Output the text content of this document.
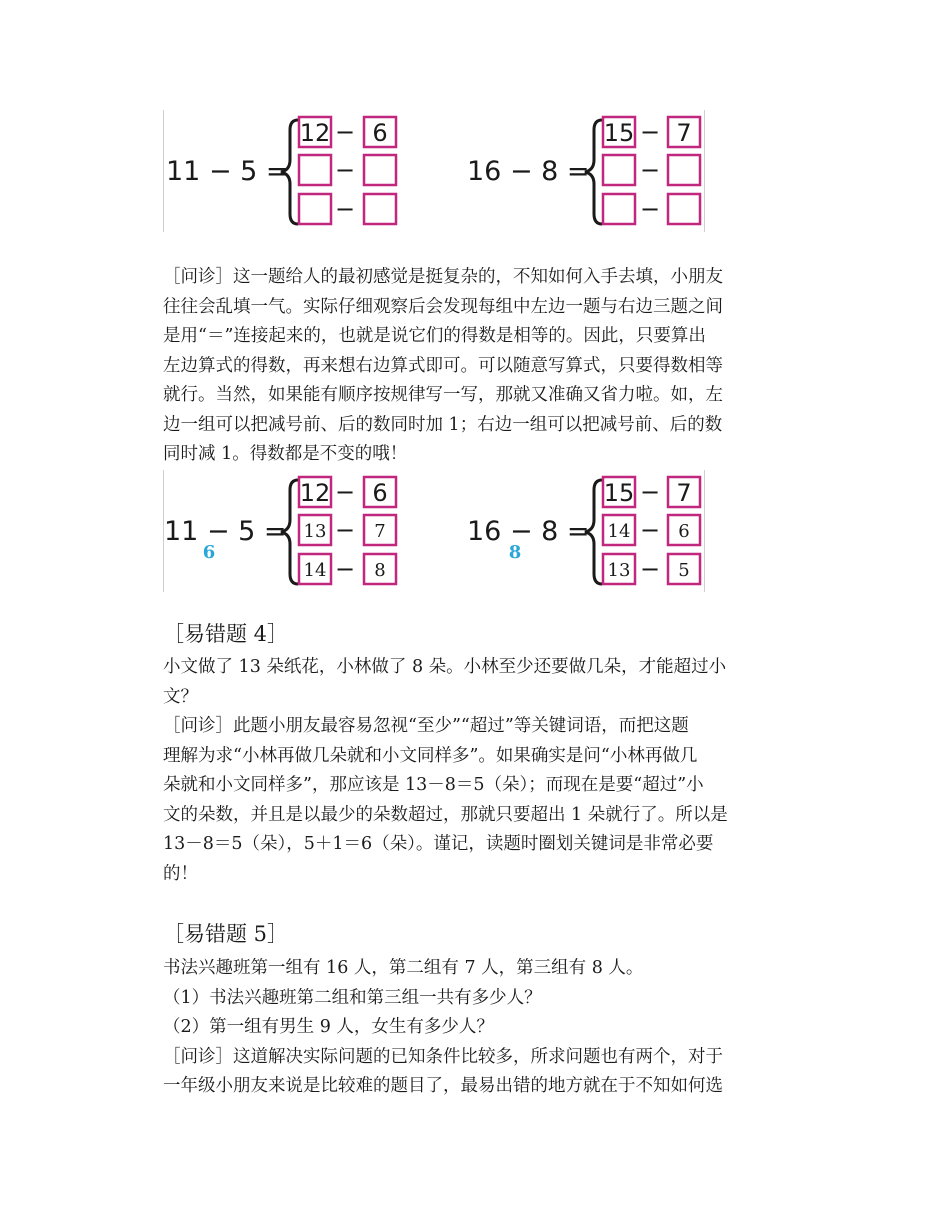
11 − 5 =
12 − 6
−
−
16 − 8 =
15 − 7
−
−
［问诊］这一题给人的最初感觉是挺复杂的，不知如何入手去填，小朋友
往往会乱填一气。实际仔细观察后会发现每组中左边一题与右边三题之间
是用“＝”连接起来的，也就是说它们的得数是相等的。因此，只要算出
左边算式的得数，再来想右边算式即可。可以随意写算式，只要得数相等
就行。当然，如果能有顺序按规律写一写，那就又准确又省力啦。如，左
边一组可以把减号前、后的数同时加 1；右边一组可以把减号前、后的数
同时减 1。得数都是不变的哦！
11 − 5 =
6
12 − 6
13 − 7
14 − 8
16 − 8 =
8
15 − 7
14 − 6
13 − 5
［易错题 4］
小文做了 13 朵纸花，小林做了 8 朵。小林至少还要做几朵，才能超过小
文？
［问诊］此题小朋友最容易忽视“至少”“超过”等关键词语，而把这题
理解为求“小林再做几朵就和小文同样多”。如果确实是问“小林再做几
朵就和小文同样多”，那应该是 13－8＝5（朵）；而现在是要“超过”小
文的朵数，并且是以最少的朵数超过，那就只要超出 1 朵就行了。所以是
13－8＝5（朵），5＋1＝6（朵）。谨记，读题时圈划关键词是非常必要
的！
［易错题 5］
书法兴趣班第一组有 16 人，第二组有 7 人，第三组有 8 人。
（1）书法兴趣班第二组和第三组一共有多少人？
（2）第一组有男生 9 人，女生有多少人？
［问诊］这道解决实际问题的已知条件比较多，所求问题也有两个，对于
一年级小朋友来说是比较难的题目了，最易出错的地方就在于不知如何选
